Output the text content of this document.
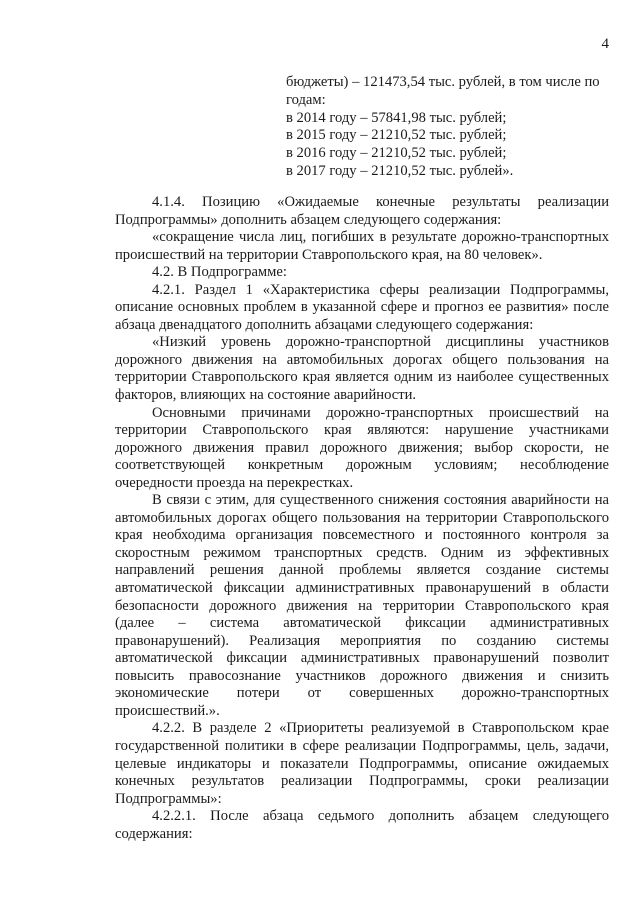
4
бюджеты) – 121473,54 тыс. рублей, в том числе по
годам:
в 2014 году – 57841,98 тыс. рублей;
в 2015 году – 21210,52 тыс. рублей;
в 2016 году – 21210,52 тыс. рублей;
в 2017 году – 21210,52 тыс. рублей».

4.1.4. Позицию «Ожидаемые конечные результаты реализации Подпрограммы» дополнить абзацем следующего содержания:

«сокращение числа лиц, погибших в результате дорожно-транспортных происшествий на территории Ставропольского края, на 80 человек».

4.2. В Подпрограмме:

4.2.1. Раздел 1 «Характеристика сферы реализации Подпрограммы, описание основных проблем в указанной сфере и прогноз ее развития» после абзаца двенадцатого дополнить абзацами следующего содержания:

«Низкий уровень дорожно-транспортной дисциплины участников дорожного движения на автомобильных дорогах общего пользования на территории Ставропольского края является одним из наиболее существенных факторов, влияющих на состояние аварийности.

Основными причинами дорожно-транспортных происшествий на территории Ставропольского края являются: нарушение участниками дорожного движения правил дорожного движения; выбор скорости, не соответствующей конкретным дорожным условиям; несоблюдение очередности проезда на перекрестках.

В связи с этим, для существенного снижения состояния аварийности на автомобильных дорогах общего пользования на территории Ставропольского края необходима организация повсеместного и постоянного контроля за скоростным режимом транспортных средств. Одним из эффективных направлений решения данной проблемы является создание системы автоматической фиксации административных правонарушений в области безопасности дорожного движения на территории Ставропольского края (далее – система автоматической фиксации административных правонарушений). Реализация мероприятия по созданию системы автоматической фиксации административных правонарушений позволит повысить правосознание участников дорожного движения и снизить экономические потери от совершенных дорожно-транспортных происшествий.».

4.2.2. В разделе 2 «Приоритеты реализуемой в Ставропольском крае государственной политики в сфере реализации Подпрограммы, цель, задачи, целевые индикаторы и показатели Подпрограммы, описание ожидаемых конечных результатов реализации Подпрограммы, сроки реализации Подпрограммы»:

4.2.2.1. После абзаца седьмого дополнить абзацем следующего содержания:
